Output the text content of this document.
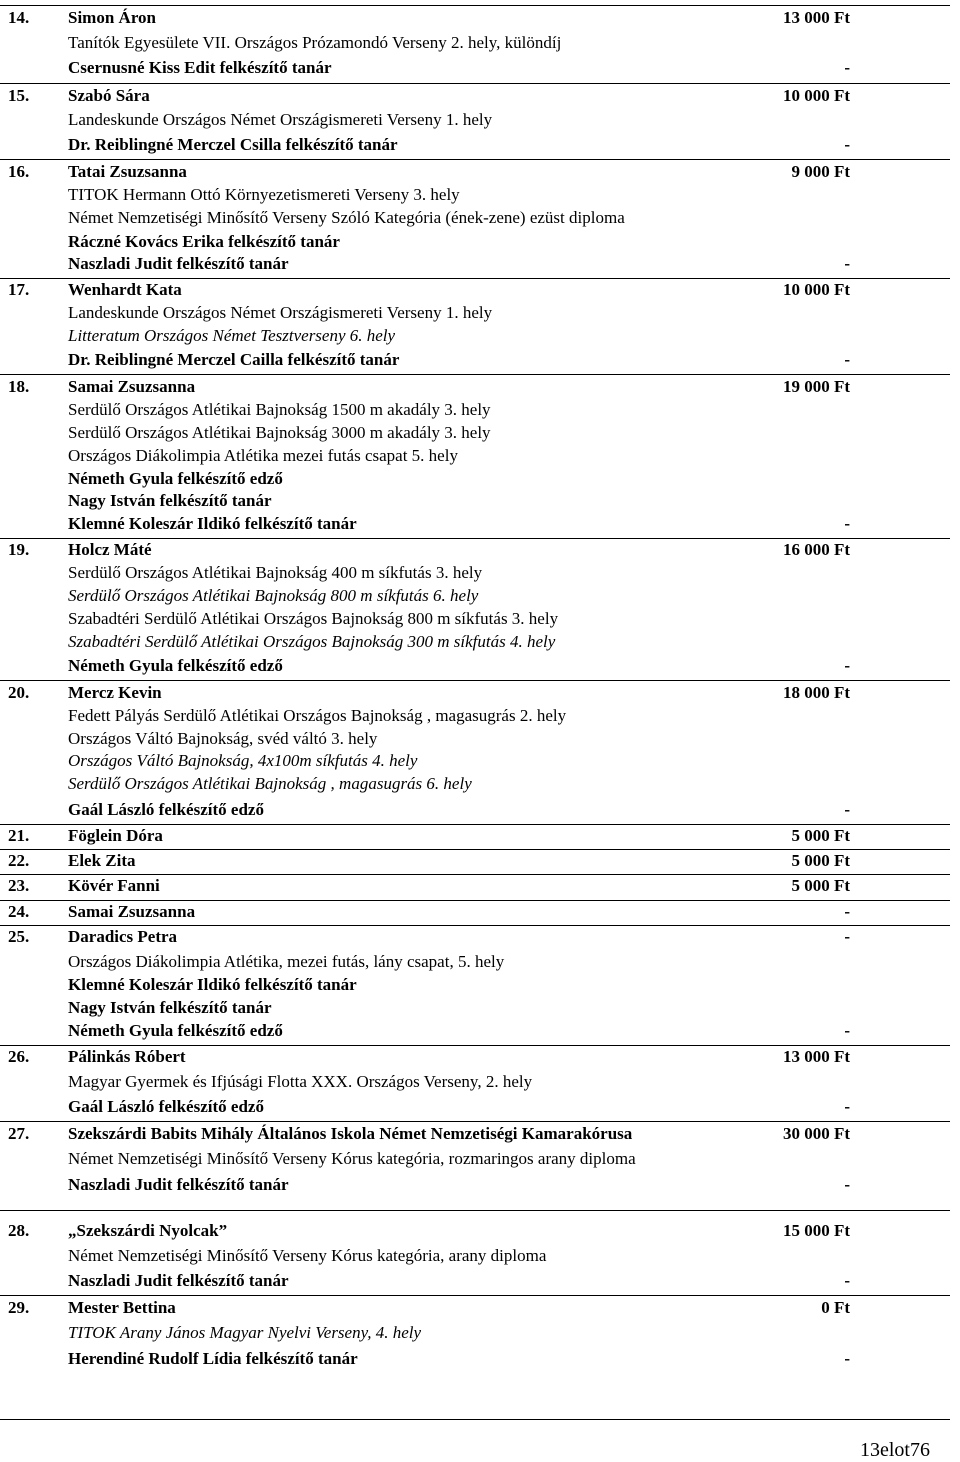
14. Simon Áron	13 000 Ft
Tanítók Egyesülete VII. Országos Prózamondó Verseny 2. hely, különdíj
Csernusné Kiss Edit felkészítő tanár	-
15. Szabó Sára	10 000 Ft
Landeskunde Országos Német Országismereti Verseny 1. hely
Dr. Reiblingné Merczel Csilla felkészítő tanár	-
16. Tatai Zsuzsanna	9 000 Ft
TITOK Hermann Ottó Környezetismereti Verseny 3. hely
Német Nemzetiségi Minősítő Verseny Szóló Kategória (ének-zene) ezüst diploma
Ráczné Kovács Erika felkészítő tanár
Naszladi Judit felkészítő tanár	-
17. Wenhardt Kata	10 000 Ft
Landeskunde Országos Német Országismereti Verseny 1. hely
Litteratum Országos Német Tesztverseny 6. hely
Dr. Reiblingné Merczel Cailla felkészítő tanár	-
18. Samai Zsuzsanna	19 000 Ft
Serdülő Országos Atlétikai Bajnokság 1500 m akadály 3. hely
Serdülő Országos Atlétikai Bajnokság 3000 m akadály 3. hely
Országos Diákolimpia Atlétika mezei futás csapat 5. hely
Németh Gyula felkészítő edző
Nagy István felkészítő tanár
Klemné Koleszár Ildikó felkészítő tanár	-
19. Holcz Máté	16 000 Ft
Serdülő Országos Atlétikai Bajnokság 400 m síkfutás 3. hely
Serdülő Országos Atlétikai Bajnokság 800 m síkfutás 6. hely
Szabadtéri Serdülő Atlétikai Országos Bajnokság 800 m síkfutás 3. hely
Szabadtéri Serdülő Atlétikai Országos Bajnokság 300 m síkfutás 4. hely
Németh Gyula felkészítő edző	-
20. Mercz Kevin	18 000 Ft
Fedett Pályás Serdülő Atlétikai Országos Bajnokság , magasugrás 2. hely
Országos Váltó Bajnokság, svéd váltó 3. hely
Országos Váltó Bajnokság, 4x100m síkfutás 4. hely
Serdülő Országos Atlétikai Bajnokság , magasugrás 6. hely
Gaál László felkészítő edző	-
21. Föglein Dóra	5 000 Ft
22. Elek Zita	5 000 Ft
23. Kövér Fanni	5 000 Ft
24. Samai Zsuzsanna	-
25. Daradics Petra	-
Országos Diákolimpia Atlétika, mezei futás, lány csapat, 5. hely
Klemné Koleszár Ildikó felkészítő tanár
Nagy István felkészítő tanár
Németh Gyula felkészítő edző	-
26. Pálinkás Róbert	13 000 Ft
Magyar Gyermek és Ifjúsági Flotta XXX. Országos Verseny, 2. hely
Gaál László felkészítő edző	-
27. Szekszárdi Babits Mihály Általános Iskola Német Nemzetiségi Kamarakórusa	30 000 Ft
Német Nemzetiségi Minősítő Verseny Kórus kategória, rozmaringos arany diploma
Naszladi Judit felkészítő tanár	-
28. „Szekszárdi Nyolcak”	15 000 Ft
Német Nemzetiségi Minősítő Verseny Kórus kategória, arany diploma
Naszladi Judit felkészítő tanár	-
29. Mester Bettina	0 Ft
TITOK Arany János Magyar Nyelvi Verseny, 4. hely
Herendiné Rudolf Lídia felkészítő tanár	-
13elot76
